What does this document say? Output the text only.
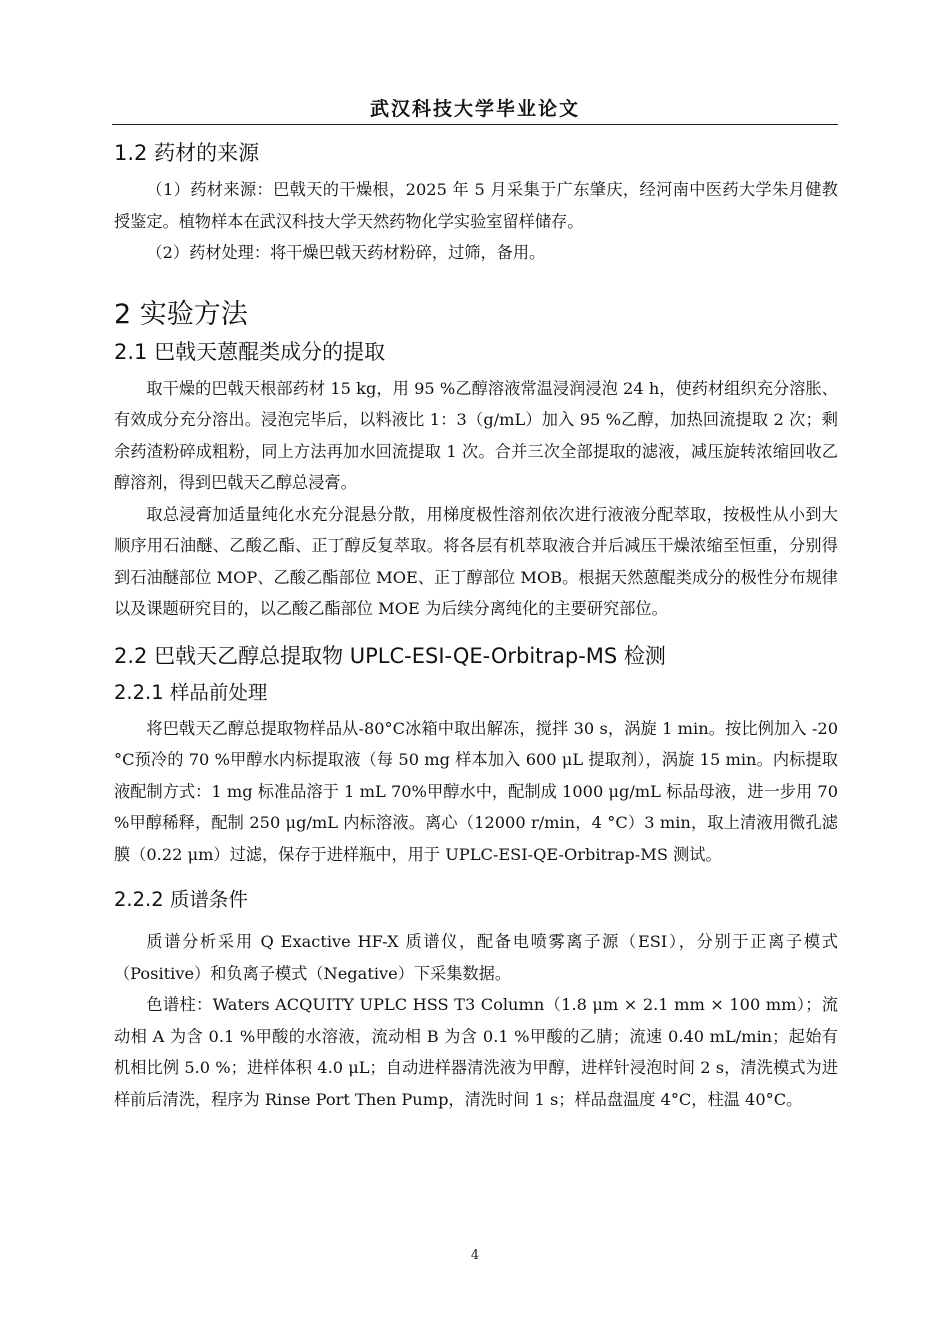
武汉科技大学毕业论文
1.2 药材的来源

（1）药材来源：巴戟天的干燥根，2025 年 5 月采集于广东肇庆，经河南中医药大学朱月健教授鉴定。植物样本在武汉科技大学天然药物化学实验室留样储存。

（2）药材处理：将干燥巴戟天药材粉碎，过筛，备用。

2 实验方法
2.1 巴戟天蒽醌类成分的提取

取干燥的巴戟天根部药材 15 kg，用 95 %乙醇溶液常温浸润浸泡 24 h，使药材组织充分溶胀、有效成分充分溶出。浸泡完毕后，以料液比 1：3（g/mL）加入 95 %乙醇，加热回流提取 2 次；剩余药渣粉碎成粗粉，同上方法再加水回流提取 1 次。合并三次全部提取的滤液，减压旋转浓缩回收乙醇溶剂，得到巴戟天乙醇总浸膏。

取总浸膏加适量纯化水充分混悬分散，用梯度极性溶剂依次进行液液分配萃取，按极性从小到大顺序用石油醚、乙酸乙酯、正丁醇反复萃取。将各层有机萃取液合并后减压干燥浓缩至恒重，分别得到石油醚部位 MOP、乙酸乙酯部位 MOE、正丁醇部位 MOB。根据天然蒽醌类成分的极性分布规律以及课题研究目的，以乙酸乙酯部位 MOE 为后续分离纯化的主要研究部位。

2.2 巴戟天乙醇总提取物 UPLC-ESI-QE-Orbitrap-MS 检测
2.2.1 样品前处理

将巴戟天乙醇总提取物样品从-80°C冰箱中取出解冻，搅拌 30 s，涡旋 1 min。按比例加入 -20 °C预冷的 70 %甲醇水内标提取液（每 50 mg 样本加入 600 μL 提取剂），涡旋 15 min。内标提取液配制方式：1 mg 标准品溶于 1 mL 70%甲醇水中，配制成 1000 μg/mL 标品母液，进一步用 70 %甲醇稀释，配制 250 μg/mL 内标溶液。离心（12000 r/min，4 °C）3 min，取上清液用微孔滤膜（0.22 μm）过滤，保存于进样瓶中，用于 UPLC-ESI-QE-Orbitrap-MS 测试。

2.2.2 质谱条件

质谱分析采用 Q Exactive HF-X 质谱仪，配备电喷雾离子源（ESI），分别于正离子模式（Positive）和负离子模式（Negative）下采集数据。

色谱柱：Waters ACQUITY UPLC HSS T3 Column（1.8 μm × 2.1 mm × 100 mm）；流动相 A 为含 0.1 %甲酸的水溶液，流动相 B 为含 0.1 %甲酸的乙腈；流速 0.40 mL/min；起始有机相比例 5.0 %；进样体积 4.0 μL；自动进样器清洗液为甲醇，进样针浸泡时间 2 s，清洗模式为进样前后清洗，程序为 Rinse Port Then Pump，清洗时间 1 s；样品盘温度 4°C，柱温 40°C。

4
